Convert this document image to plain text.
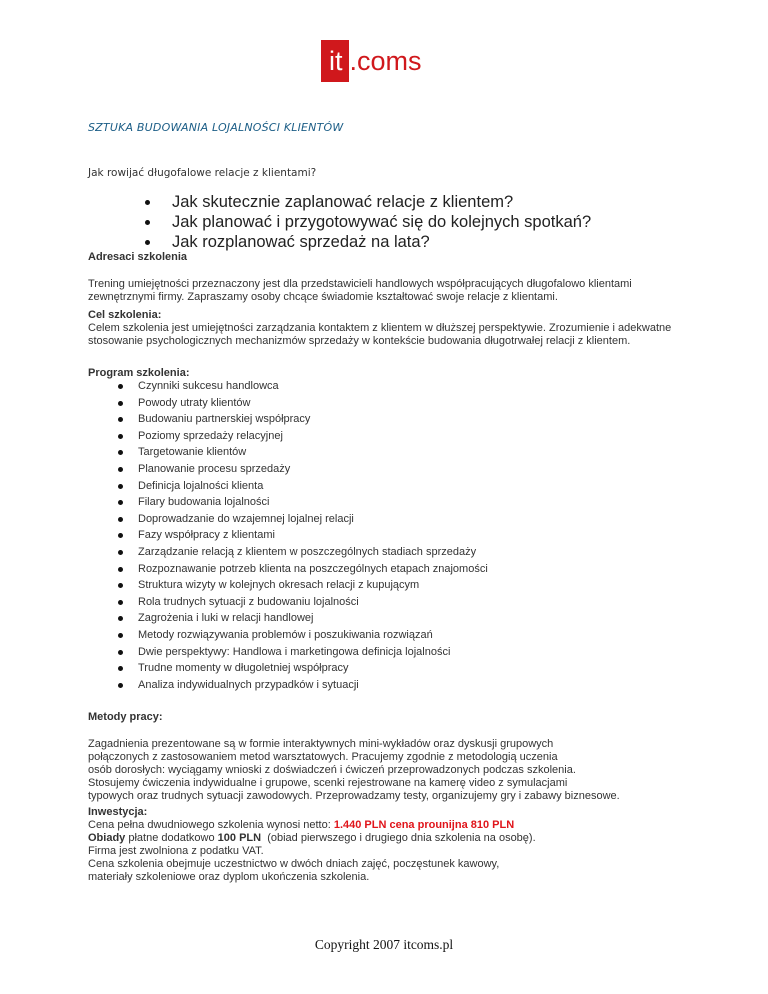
it .coms
SZTUKA BUDOWANIA LOJALNOŚCI KLIENTÓW
Jak rowijać długofalowe relacje z klientami?
Jak skutecznie zaplanować relacje z klientem?
Jak planować i przygotowywać się do kolejnych spotkań?
Jak rozplanować sprzedaż na lata?
Adresaci szkolenia
Trening umiejętności przeznaczony jest dla przedstawicieli handlowych współpracujących długofalowo klientami zewnętrznymi firmy. Zapraszamy osoby chcące świadomie kształtować swoje relacje z klientami.
Cel szkolenia:
Celem szkolenia jest umiejętności zarządzania kontaktem z klientem w dłuższej perspektywie. Zrozumienie i adekwatne stosowanie psychologicznych mechanizmów sprzedaży w kontekście budowania długotrwałej relacji z klientem.
Program szkolenia:
Czynniki sukcesu handlowca
Powody utraty klientów
Budowaniu partnerskiej współpracy
Poziomy sprzedaży relacyjnej
Targetowanie klientów
Planowanie procesu sprzedaży
Definicja lojalności klienta
Filary budowania lojalności
Doprowadzanie do wzajemnej lojalnej relacji
Fazy współpracy z klientami
Zarządzanie relacją z klientem w poszczególnych stadiach sprzedaży
Rozpoznawanie potrzeb klienta na poszczególnych etapach znajomości
Struktura wizyty w kolejnych okresach relacji z kupującym
Rola trudnych sytuacji z budowaniu lojalności
Zagrożenia i luki w relacji handlowej
Metody rozwiązywania problemów i poszukiwania rozwiązań
Dwie perspektywy: Handlowa i marketingowa definicja lojalności
Trudne momenty w długoletniej współpracy
Analiza indywidualnych przypadków i sytuacji
Metody pracy:
Zagadnienia prezentowane są w formie interaktywnych mini-wykładów oraz dyskusji grupowych
połączonych z zastosowaniem metod warsztatowych. Pracujemy zgodnie z metodologią uczenia
osób dorosłych: wyciągamy wnioski z doświadczeń i ćwiczeń przeprowadzonych podczas szkolenia.
Stosujemy ćwiczenia indywidualne i grupowe, scenki rejestrowane na kamerę video z symulacjami
typowych oraz trudnych sytuacji zawodowych. Przeprowadzamy testy, organizujemy gry i zabawy biznesowe.
Inwestycja:
Cena pełna dwudniowego szkolenia wynosi netto: 1.440 PLN cena prounijna 810 PLN
Obiady płatne dodatkowo 100 PLN  (obiad pierwszego i drugiego dnia szkolenia na osobę).
Firma jest zwolniona z podatku VAT.
Cena szkolenia obejmuje uczestnictwo w dwóch dniach zajęć, poczęstunek kawowy,
materiały szkoleniowe oraz dyplom ukończenia szkolenia.
Copyright 2007 itcoms.pl
